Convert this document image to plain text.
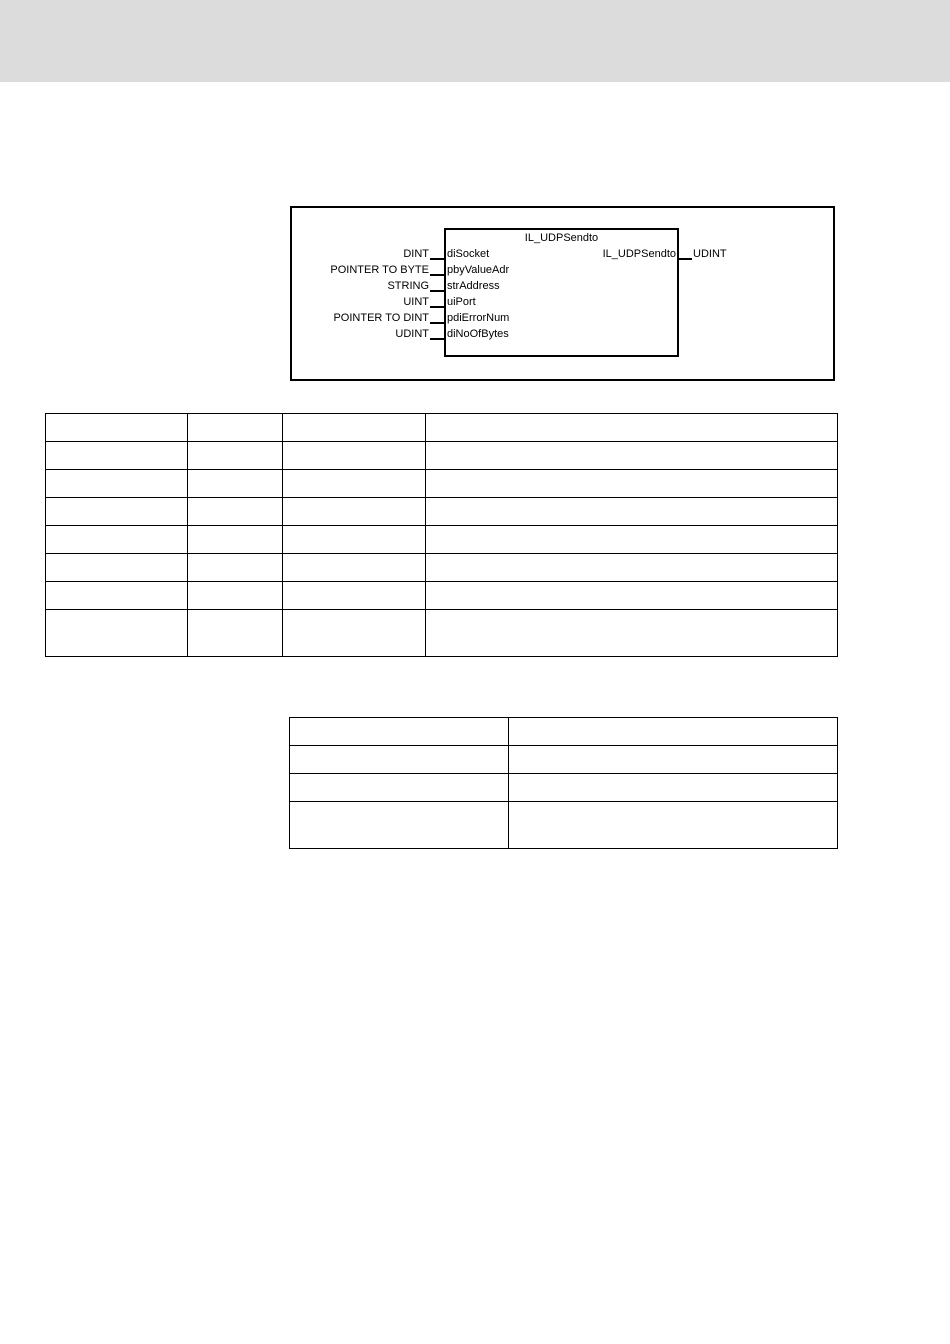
IL_UDPSendto
DINT
POINTER TO BYTE
STRING
UINT
POINTER TO DINT
UDINT
diSocket
pbyValueAdr
strAddress
uiPort
pdiErrorNum
diNoOfBytes
IL_UDPSendto UDINT
